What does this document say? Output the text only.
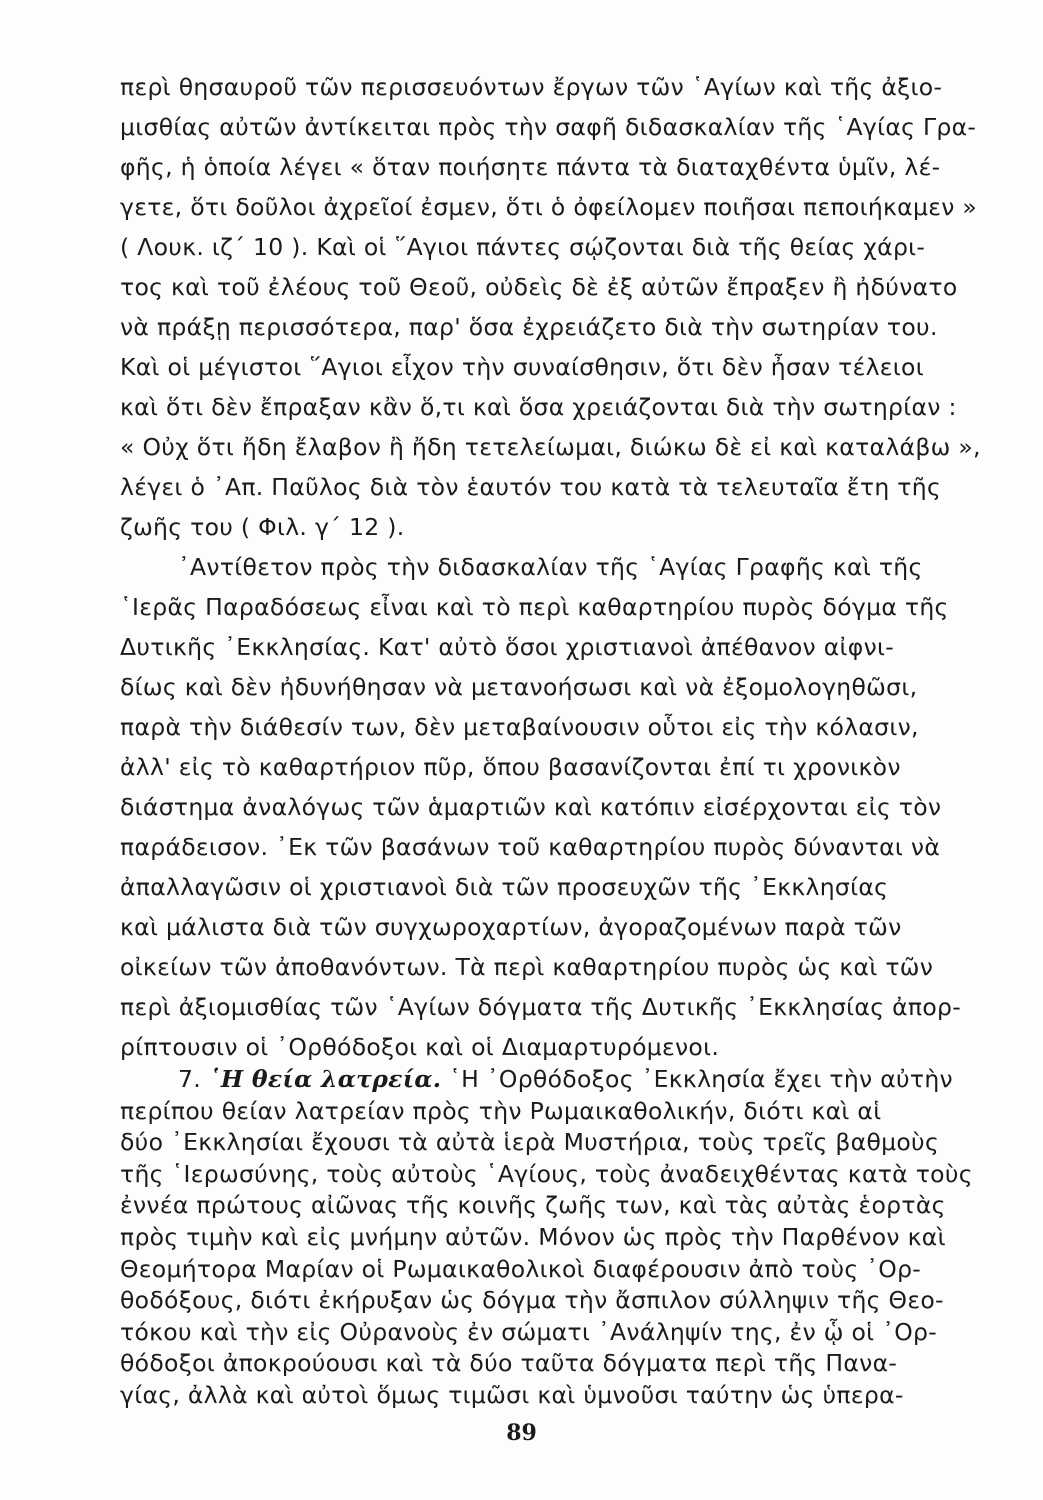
περὶ θησαυροῦ τῶν περισσευόντων ἔργων τῶν ῾Αγίων καὶ τῆς ἀξιο-
μισθίας αὐτῶν ἀντίκειται πρὸς τὴν σαφῆ διδασκαλίαν τῆς ῾Αγίας Γρα-
φῆς, ἡ ὁποία λέγει « ὅταν ποιήσητε πάντα τὰ διαταχθέντα ὑμῖν, λέ-
γετε, ὅτι δοῦλοι ἀχρεῖοί ἐσμεν, ὅτι ὁ ὀφείλομεν ποιῆσαι πεποιήκαμεν »
( Λουκ. ιζ΄ 10 ). Καὶ οἱ ῞Αγιοι πάντες σῴζονται διὰ τῆς θείας χάρι-
τος καὶ τοῦ ἐλέους τοῦ Θεοῦ, οὐδεὶς δὲ ἐξ αὐτῶν ἔπραξεν ἢ ἠδύνατο
νὰ πράξῃ περισσότερα, παρ' ὅσα ἐχρειάζετο διὰ τὴν σωτηρίαν του.
Καὶ οἱ μέγιστοι ῞Αγιοι εἶχον τὴν συναίσθησιν, ὅτι δὲν ἦσαν τέλειοι
καὶ ὅτι δὲν ἔπραξαν κἂν ὅ,τι καὶ ὅσα χρειάζονται διὰ τὴν σωτηρίαν :
« Οὐχ ὅτι ἤδη ἔλαβον ἢ ἤδη τετελείωμαι, διώκω δὲ εἰ καὶ καταλάβω »,
λέγει ὁ ᾽Απ. Παῦλος διὰ τὸν ἑαυτόν του κατὰ τὰ τελευταῖα ἔτη τῆς
ζωῆς του ( Φιλ. γ΄ 12 ).
᾽Αντίθετον πρὸς τὴν διδασκαλίαν τῆς ῾Αγίας Γραφῆς καὶ τῆς
῾Ιερᾶς Παραδόσεως εἶναι καὶ τὸ περὶ καθαρτηρίου πυρὸς δόγμα τῆς
Δυτικῆς ᾽Εκκλησίας. Κατ' αὐτὸ ὅσοι χριστιανοὶ ἀπέθανον αἰφνι-
δίως καὶ δὲν ἠδυνήθησαν νὰ μετανοήσωσι καὶ νὰ ἐξομολογηθῶσι,
παρὰ τὴν διάθεσίν των, δὲν μεταβαίνουσιν οὗτοι εἰς τὴν κόλασιν,
ἀλλ' εἰς τὸ καθαρτήριον πῦρ, ὅπου βασανίζονται ἐπί τι χρονικὸν
διάστημα ἀναλόγως τῶν ἁμαρτιῶν καὶ κατόπιν εἰσέρχονται εἰς τὸν
παράδεισον. ᾽Εκ τῶν βασάνων τοῦ καθαρτηρίου πυρὸς δύνανται νὰ
ἀπαλλαγῶσιν οἱ χριστιανοὶ διὰ τῶν προσευχῶν τῆς ᾽Εκκλησίας
καὶ μάλιστα διὰ τῶν συγχωροχαρτίων, ἀγοραζομένων παρὰ τῶν
οἰκείων τῶν ἀποθανόντων. Τὰ περὶ καθαρτηρίου πυρὸς ὡς καὶ τῶν
περὶ ἀξιομισθίας τῶν ῾Αγίων δόγματα τῆς Δυτικῆς ᾽Εκκλησίας ἀπορ-
ρίπτουσιν οἱ ᾽Ορθόδοξοι καὶ οἱ Διαμαρτυρόμενοι.
7. ῾Η θεία λατρεία. ῾Η ᾽Ορθόδοξος ᾽Εκκλησία ἔχει τὴν αὐτὴν
περίπου θείαν λατρείαν πρὸς τὴν Ρωμαικαθολικήν, διότι καὶ αἱ
δύο ᾽Εκκλησίαι ἔχουσι τὰ αὐτὰ ἱερὰ Μυστήρια, τοὺς τρεῖς βαθμοὺς
τῆς ῾Ιερωσύνης, τοὺς αὐτοὺς ῾Αγίους, τοὺς ἀναδειχθέντας κατὰ τοὺς
ἐννέα πρώτους αἰῶνας τῆς κοινῆς ζωῆς των, καὶ τὰς αὐτὰς ἑορτὰς
πρὸς τιμὴν καὶ εἰς μνήμην αὐτῶν. Μόνον ὡς πρὸς τὴν Παρθένον καὶ
Θεομήτορα Μαρίαν οἱ Ρωμαικαθολικοὶ διαφέρουσιν ἀπὸ τοὺς ᾽Ορ-
θοδόξους, διότι ἐκήρυξαν ὡς δόγμα τὴν ἄσπιλον σύλληψιν τῆς Θεο-
89
τόκου καὶ τὴν εἰς Οὐρανοὺς ἐν σώματι ᾽Ανάληψίν της, ἐν ᾧ οἱ ᾽Ορ-
θόδοξοι ἀποκρούουσι καὶ τὰ δύο ταῦτα δόγματα περὶ τῆς Πανα-
γίας, ἀλλὰ καὶ αὐτοὶ ὅμως τιμῶσι καὶ ὑμνοῦσι ταύτην ὡς ὑπερα-
